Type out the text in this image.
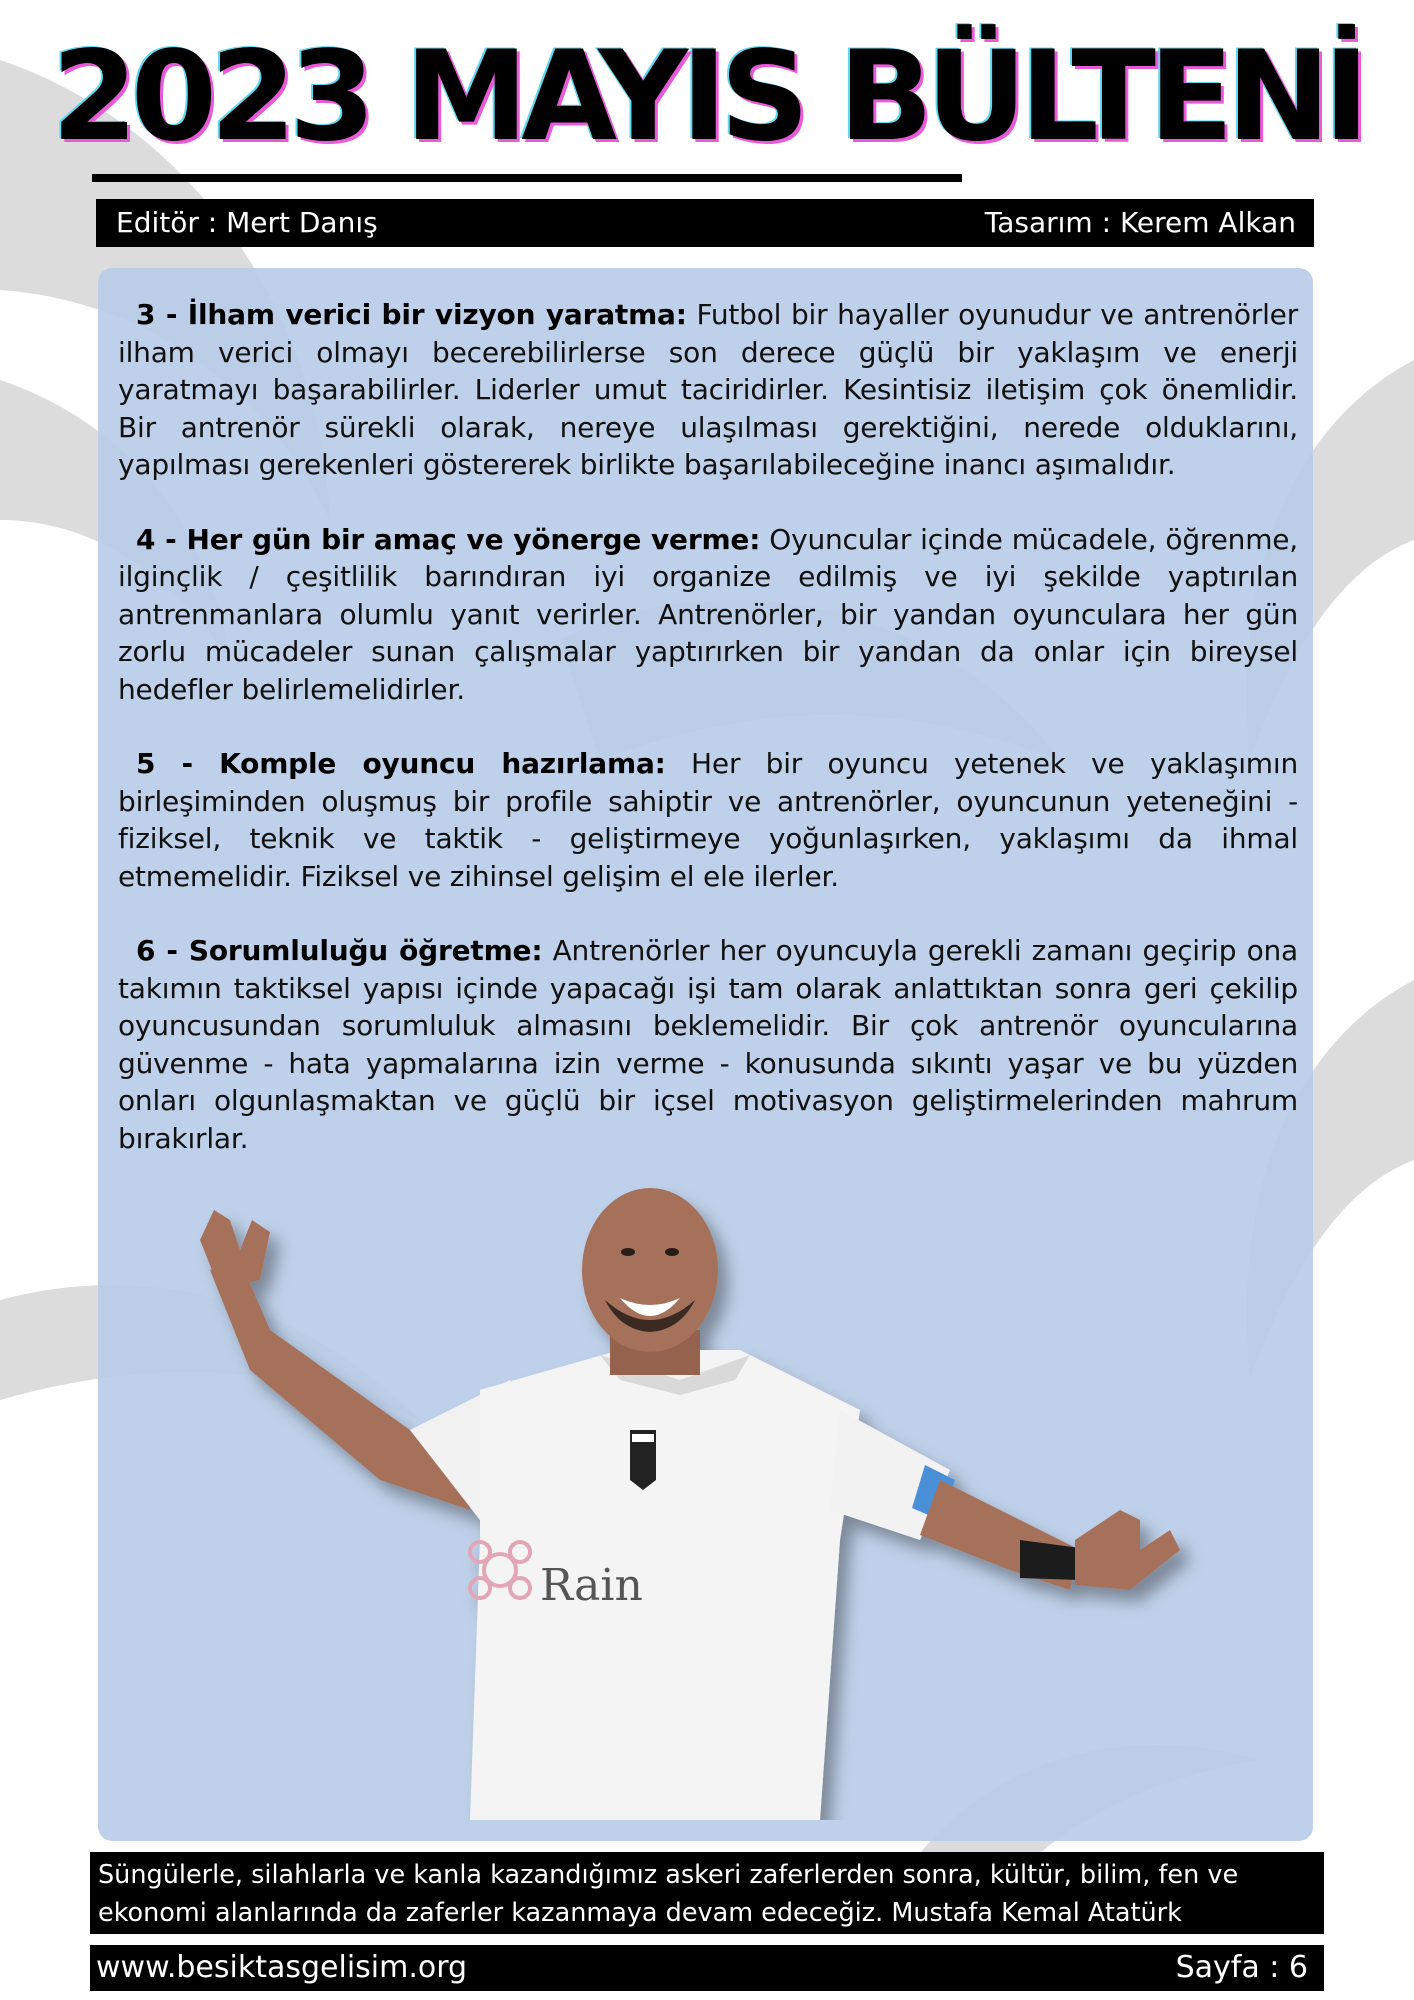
2023 MAYIS BÜLTENİ
Editör : Mert Danış	Tasarım : Kerem Alkan

3 - İlham verici bir vizyon yaratma: Futbol bir hayaller oyunudur ve antrenörler ilham verici olmayı becerebilirlerse son derece güçlü bir yaklaşım ve enerji yaratmayı başarabilirler. Liderler umut taciridirler. Kesintisiz iletişim çok önemlidir. Bir antrenör sürekli olarak, nereye ulaşılması gerektiğini, nerede olduklarını, yapılması gerekenleri göstererek birlikte başarılabileceğine inancı aşımalıdır.

4 - Her gün bir amaç ve yönerge verme: Oyuncular içinde mücadele, öğrenme, ilginçlik / çeşitlilik barındıran iyi organize edilmiş ve iyi şekilde yaptırılan antrenmanlara olumlu yanıt verirler. Antrenörler, bir yandan oyunculara her gün zorlu mücadeler sunan çalışmalar yaptırırken bir yandan da onlar için bireysel hedefler belirlemelidirler.

5 - Komple oyuncu hazırlama: Her bir oyuncu yetenek ve yaklaşımın birleşiminden oluşmuş bir profile sahiptir ve antrenörler, oyuncunun yeteneğini - fiziksel, teknik ve taktik - geliştirmeye yoğunlaşırken, yaklaşımı da ihmal etmemelidir. Fiziksel ve zihinsel gelişim el ele ilerler.

6 - Sorumluluğu öğretme: Antrenörler her oyuncuyla gerekli zamanı geçirip ona takımın taktiksel yapısı içinde yapacağı işi tam olarak anlattıktan sonra geri çekilip oyuncusundan sorumluluk almasını beklemelidir. Bir çok antrenör oyuncularına güvenme - hata yapmalarına izin verme - konusunda sıkıntı yaşar ve bu yüzden onları olgunlaşmaktan ve güçlü bir içsel motivasyon geliştirmelerinden mahrum bırakırlar.

Rain
Süngülerle, silahlarla ve kanla kazandığımız askeri zaferlerden sonra, kültür, bilim, fen ve ekonomi alanlarında da zaferler kazanmaya devam edeceğiz. Mustafa Kemal Atatürk
www.besiktasgelisim.org	Sayfa : 6
